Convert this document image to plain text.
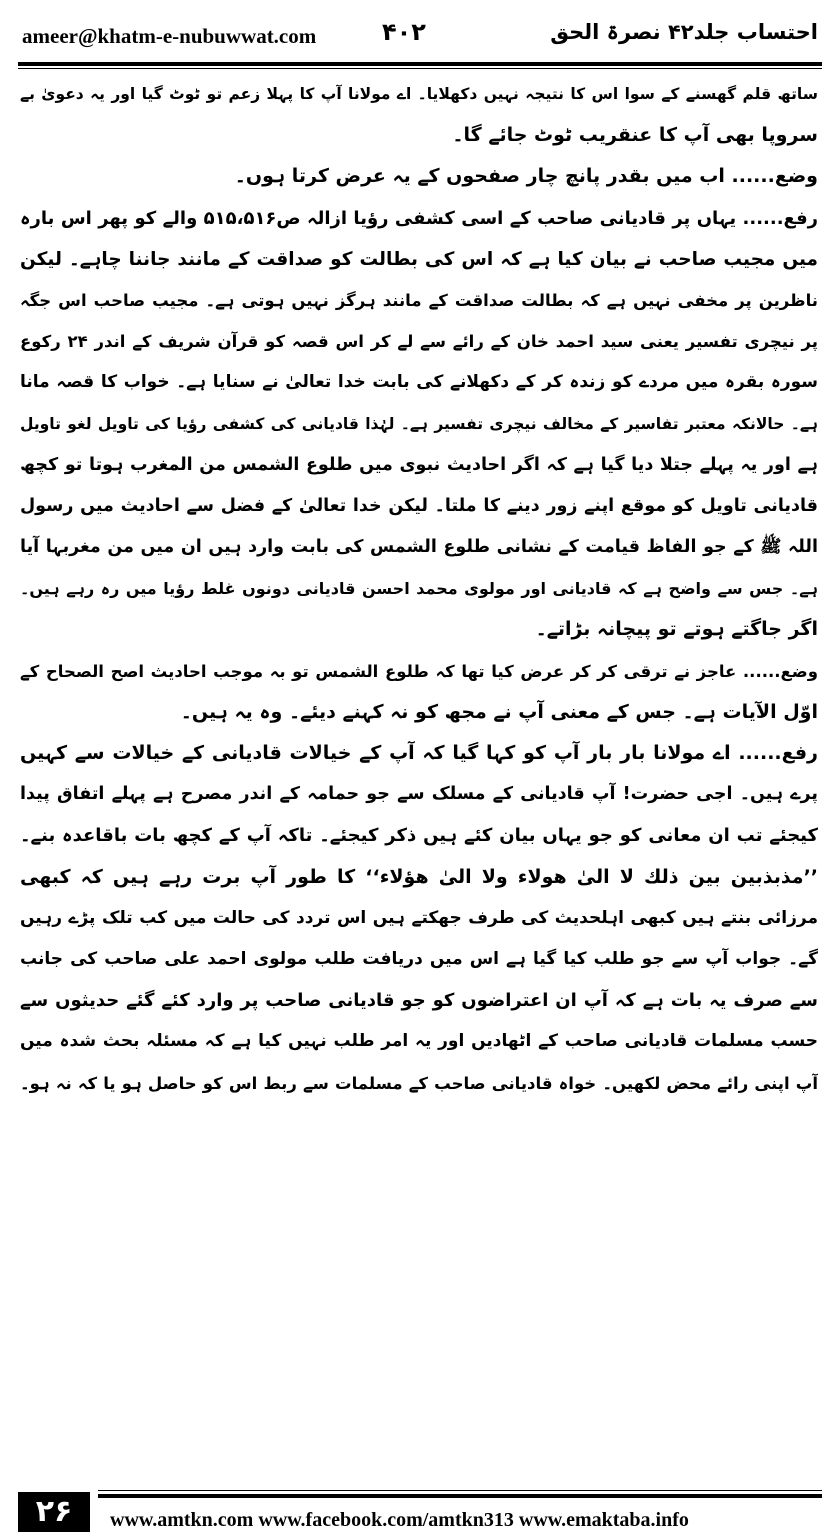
ameer@khatm-e-nubuwwat.com	۴۰۲	احتساب جلد۴۲ نصرۃ الحق
ساتھ قلم گھسنے کے سوا اس کا نتیجہ نہیں دکھلایا۔ اے مولانا آپ کا پہلا زعم تو ٹوٹ گیا اور یہ دعویٰ بے
سروپا بھی آپ کا عنقریب ٹوٹ جائے گا۔
وضع...... اب میں بقدر پانچ چار صفحوں کے یہ عرض کرتا ہوں۔
رفع...... یہاں پر قادیانی صاحب کے اسی کشفی رؤیا ازالہ ص۵۱۵،۵۱۶ والے کو پھر اس بارہ
میں مجیب صاحب نے بیان کیا ہے کہ اس کی بطالت کو صداقت کے مانند جاننا چاہے۔ لیکن
ناظرین پر مخفی نہیں ہے کہ بطالت صداقت کے مانند ہرگز نہیں ہوتی ہے۔ مجیب صاحب اس جگہ
پر نیچری تفسیر یعنی سید احمد خان کے رائے سے لے کر اس قصہ کو قرآن شریف کے اندر ۲۴ رکوع
سورہ بقرہ میں مردے کو زندہ کر کے دکھلانے کی بابت خدا تعالیٰ نے سنایا ہے۔ خواب کا قصہ مانا
ہے۔ حالانکہ معتبر تفاسیر کے مخالف نیچری تفسیر ہے۔ لہٰذا قادیانی کی کشفی رؤیا کی تاویل لغو تاویل
ہے اور یہ پہلے جتلا دیا گیا ہے کہ اگر احادیث نبوی میں طلوع الشمس من المغرب ہوتا تو کچھ
قادیانی تاویل کو موقع اپنے زور دینے کا ملتا۔ لیکن خدا تعالیٰ کے فضل سے احادیث میں رسول
اللہ ﷺ کے جو الفاظ قیامت کے نشانی طلوع الشمس کی بابت وارد ہیں ان میں من مغربہا آیا
ہے۔ جس سے واضح ہے کہ قادیانی اور مولوی محمد احسن قادیانی دونوں غلط رؤیا میں رہ رہے ہیں۔
اگر جاگتے ہوتے تو پیچانہ بڑاتے۔
وضع...... عاجز نے ترقی کر کر عرض کیا تھا کہ طلوع الشمس تو بہ موجب احادیث اصح الصحاح کے
اوّل الآیات ہے۔ جس کے معنی آپ نے مجھ کو نہ کہنے دیئے۔ وہ یہ ہیں۔
رفع...... اے مولانا بار بار آپ کو کہا گیا کہ آپ کے خیالات قادیانی کے خیالات سے کہیں
پرے ہیں۔ اجی حضرت! آپ قادیانی کے مسلک سے جو حمامہ کے اندر مصرح ہے پہلے اتفاق پیدا
کیجئے تب ان معانی کو جو یہاں بیان کئے ہیں ذکر کیجئے۔ تاکہ آپ کے کچھ بات باقاعدہ بنے۔
’’مذبذبین بین ذلك لا الیٰ ھولاء ولا الیٰ ھؤلاء‘‘ کا طور آپ برت رہے ہیں کہ کبھی
مرزائی بنتے ہیں کبھی اہلحدیث کی طرف جھکتے ہیں اس تردد کی حالت میں کب تلک پڑے رہیں
گے۔ جواب آپ سے جو طلب کیا گیا ہے اس میں دریافت طلب مولوی احمد علی صاحب کی جانب
سے صرف یہ بات ہے کہ آپ ان اعتراضوں کو جو قادیانی صاحب پر وارد کئے گئے حدیثوں سے
حسب مسلمات قادیانی صاحب کے اٹھادیں اور یہ امر طلب نہیں کیا ہے کہ مسئلہ بحث شدہ میں
آپ اپنی رائے محض لکھیں۔ خواہ قادیانی صاحب کے مسلمات سے ربط اس کو حاصل ہو یا کہ نہ ہو۔
۲۶	www.amtkn.com www.facebook.com/amtkn313 www.emaktaba.info
